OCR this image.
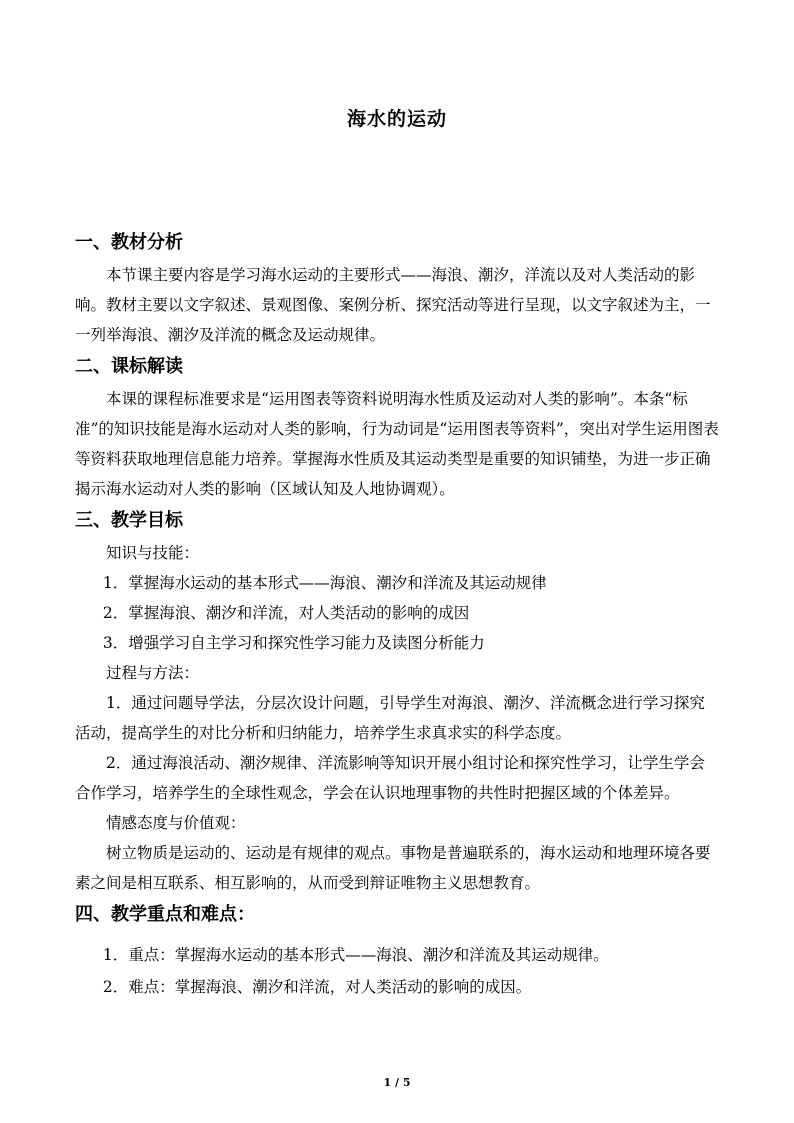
海水的运动
一、教材分析

本节课主要内容是学习海水运动的主要形式——海浪、潮汐，洋流以及对人类活动的影响。教材主要以文字叙述、景观图像、案例分析、探究活动等进行呈现，以文字叙述为主，一一列举海浪、潮汐及洋流的概念及运动规律。

二、课标解读

本课的课程标准要求是“运用图表等资料说明海水性质及运动对人类的影响”。本条“标准”的知识技能是海水运动对人类的影响，行为动词是“运用图表等资料”，突出对学生运用图表等资料获取地理信息能力培养。掌握海水性质及其运动类型是重要的知识铺垫，为进一步正确揭示海水运动对人类的影响（区域认知及人地协调观）。

三、教学目标

知识与技能：

1．掌握海水运动的基本形式——海浪、潮汐和洋流及其运动规律

2．掌握海浪、潮汐和洋流，对人类活动的影响的成因

3．增强学习自主学习和探究性学习能力及读图分析能力

过程与方法：

1．通过问题导学法，分层次设计问题，引导学生对海浪、潮汐、洋流概念进行学习探究活动，提高学生的对比分析和归纳能力，培养学生求真求实的科学态度。

2．通过海浪活动、潮汐规律、洋流影响等知识开展小组讨论和探究性学习，让学生学会合作学习，培养学生的全球性观念，学会在认识地理事物的共性时把握区域的个体差异。

情感态度与价值观：

树立物质是运动的、运动是有规律的观点。事物是普遍联系的，海水运动和地理环境各要素之间是相互联系、相互影响的，从而受到辩证唯物主义思想教育。

四、教学重点和难点：

1．重点：掌握海水运动的基本形式——海浪、潮汐和洋流及其运动规律。

2．难点：掌握海浪、潮汐和洋流，对人类活动的影响的成因。

1 / 5
